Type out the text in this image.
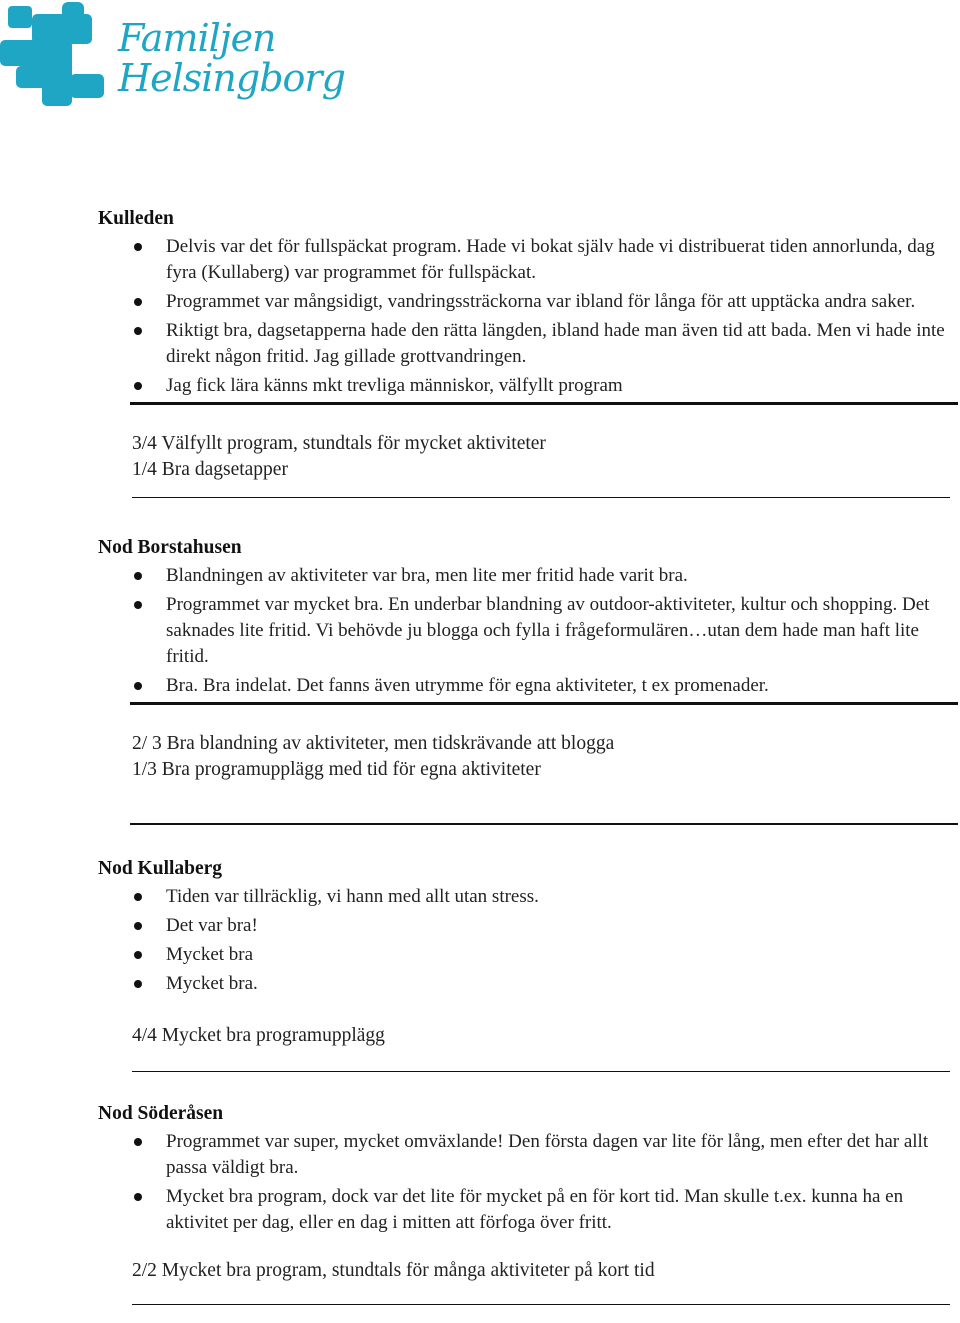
Familjen
Helsingborg
Kulleden
Delvis var det för fullspäckat program. Hade vi bokat själv hade vi distribuerat tiden annorlunda, dag fyra (Kullaberg) var programmet för fullspäckat.
Programmet var mångsidigt, vandringssträckorna var ibland för långa för att upptäcka andra saker.
Riktigt bra, dagsetapperna hade den rätta längden, ibland hade man även tid att bada. Men vi hade inte direkt någon fritid. Jag gillade grottvandringen.
Jag fick lära känns mkt trevliga människor, välfyllt program
3/4 Välfyllt program, stundtals för mycket aktiviteter
1/4 Bra dagsetapper
Nod Borstahusen
Blandningen av aktiviteter var bra, men lite mer fritid hade varit bra.
Programmet var mycket bra. En underbar blandning av outdoor-aktiviteter, kultur och shopping. Det saknades lite fritid. Vi behövde ju blogga och fylla i frågeformulären…utan dem hade man haft lite fritid.
Bra. Bra indelat. Det fanns även utrymme för egna aktiviteter, t ex promenader.
2/ 3 Bra blandning av aktiviteter, men tidskrävande att blogga
1/3 Bra programupplägg med tid för egna aktiviteter
Nod Kullaberg
Tiden var tillräcklig, vi hann med allt utan stress.
Det var bra!
Mycket bra
Mycket bra.
4/4 Mycket bra programupplägg
Nod Söderåsen
Programmet var super, mycket omväxlande! Den första dagen var lite för lång, men efter det har allt passa väldigt bra.
Mycket bra program, dock var det lite för mycket på en för kort tid. Man skulle t.ex. kunna ha en aktivitet per dag, eller en dag i mitten att förfoga över fritt.
2/2 Mycket bra program, stundtals för många aktiviteter på kort tid
